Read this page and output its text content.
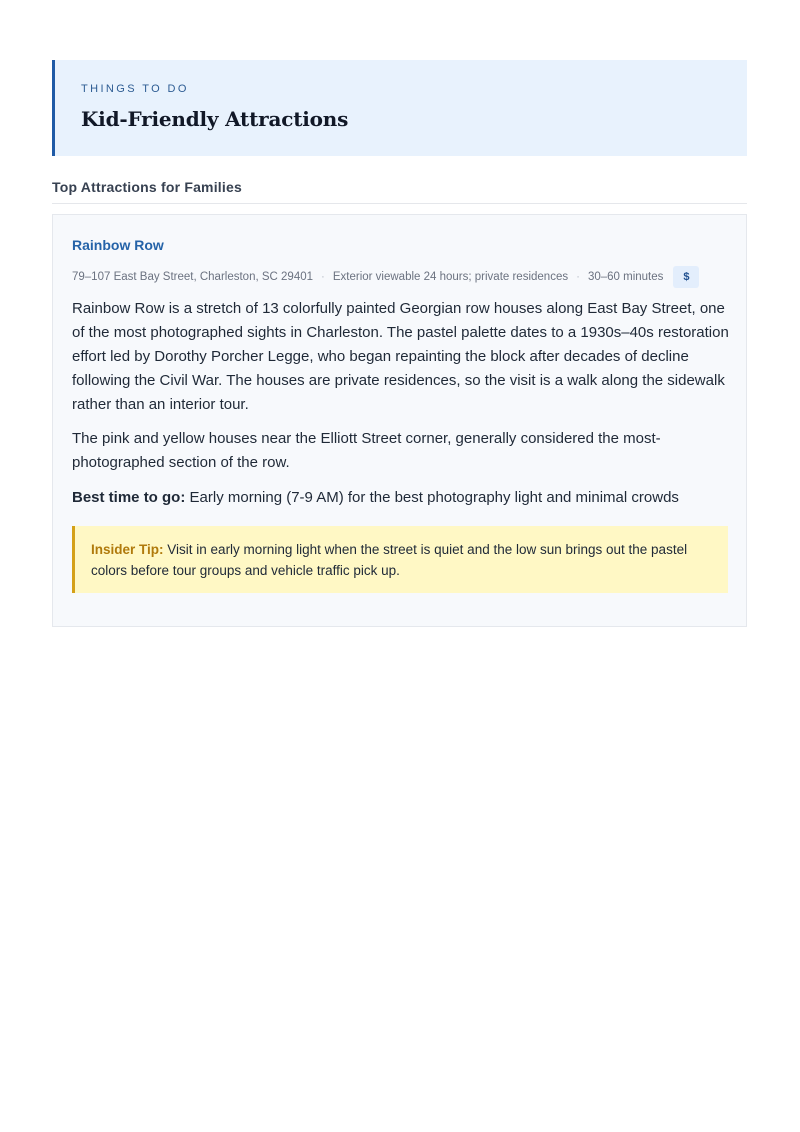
THINGS TO DO
Kid-Friendly Attractions
Top Attractions for Families
Rainbow Row
79–107 East Bay Street, Charleston, SC 29401 · Exterior viewable 24 hours; private residences · 30–60 minutes	$

Rainbow Row is a stretch of 13 colorfully painted Georgian row houses along East Bay Street, one of the most photographed sights in Charleston. The pastel palette dates to a 1930s–40s restoration effort led by Dorothy Porcher Legge, who began repainting the block after decades of decline following the Civil War. The houses are private residences, so the visit is a walk along the sidewalk rather than an interior tour.

The pink and yellow houses near the Elliott Street corner, generally considered the most-photographed section of the row.

Best time to go: Early morning (7-9 AM) for the best photography light and minimal crowds

Insider Tip: Visit in early morning light when the street is quiet and the low sun brings out the pastel colors before tour groups and vehicle traffic pick up.
